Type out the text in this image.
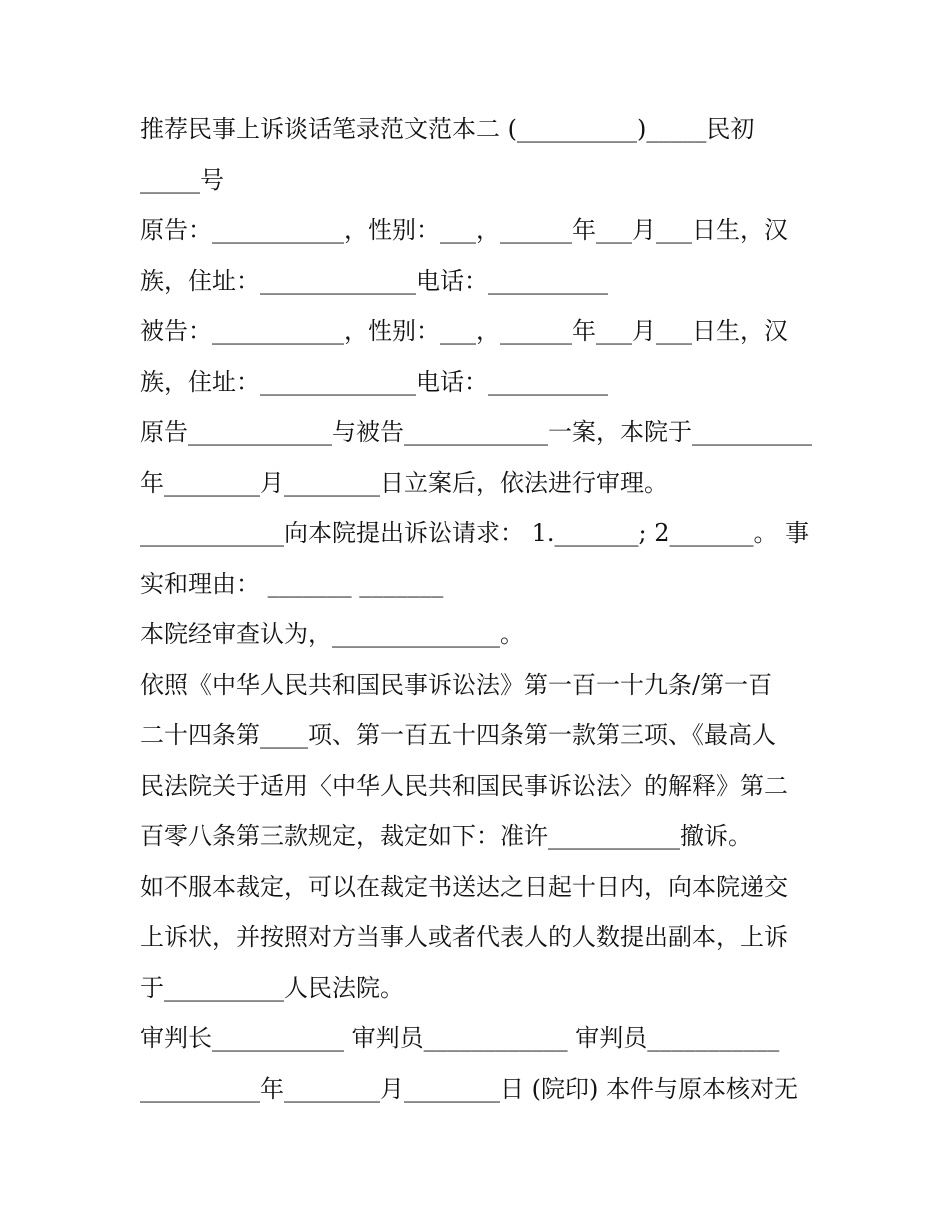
推荐民事上诉谈话笔录范文范本二 (__________)_____民初
_____号
原告：___________，性别：___，______年___月___日生，汉
族，住址：_____________电话：__________
被告：___________，性别：___，______年___月___日生，汉
族，住址：_____________电话：__________
原告____________与被告____________一案，本院于__________
年________月________日立案后，依法进行审理。
____________向本院提出诉讼请求： 1._______; 2_______。 事
实和理由： _______ _______
本院经审查认为，______________。
依照《中华人民共和国民事诉讼法》第一百一十九条/第一百
二十四条第____项、第一百五十四条第一款第三项、《最高人
民法院关于适用〈中华人民共和国民事诉讼法〉的解释》第二
百零八条第三款规定，裁定如下：准许___________撤诉。
如不服本裁定，可以在裁定书送达之日起十日内，向本院递交
上诉状，并按照对方当事人或者代表人的人数提出副本，上诉
于__________人民法院。
审判长___________ 审判员____________ 审判员___________
__________年________月________日 (院印) 本件与原本核对无
